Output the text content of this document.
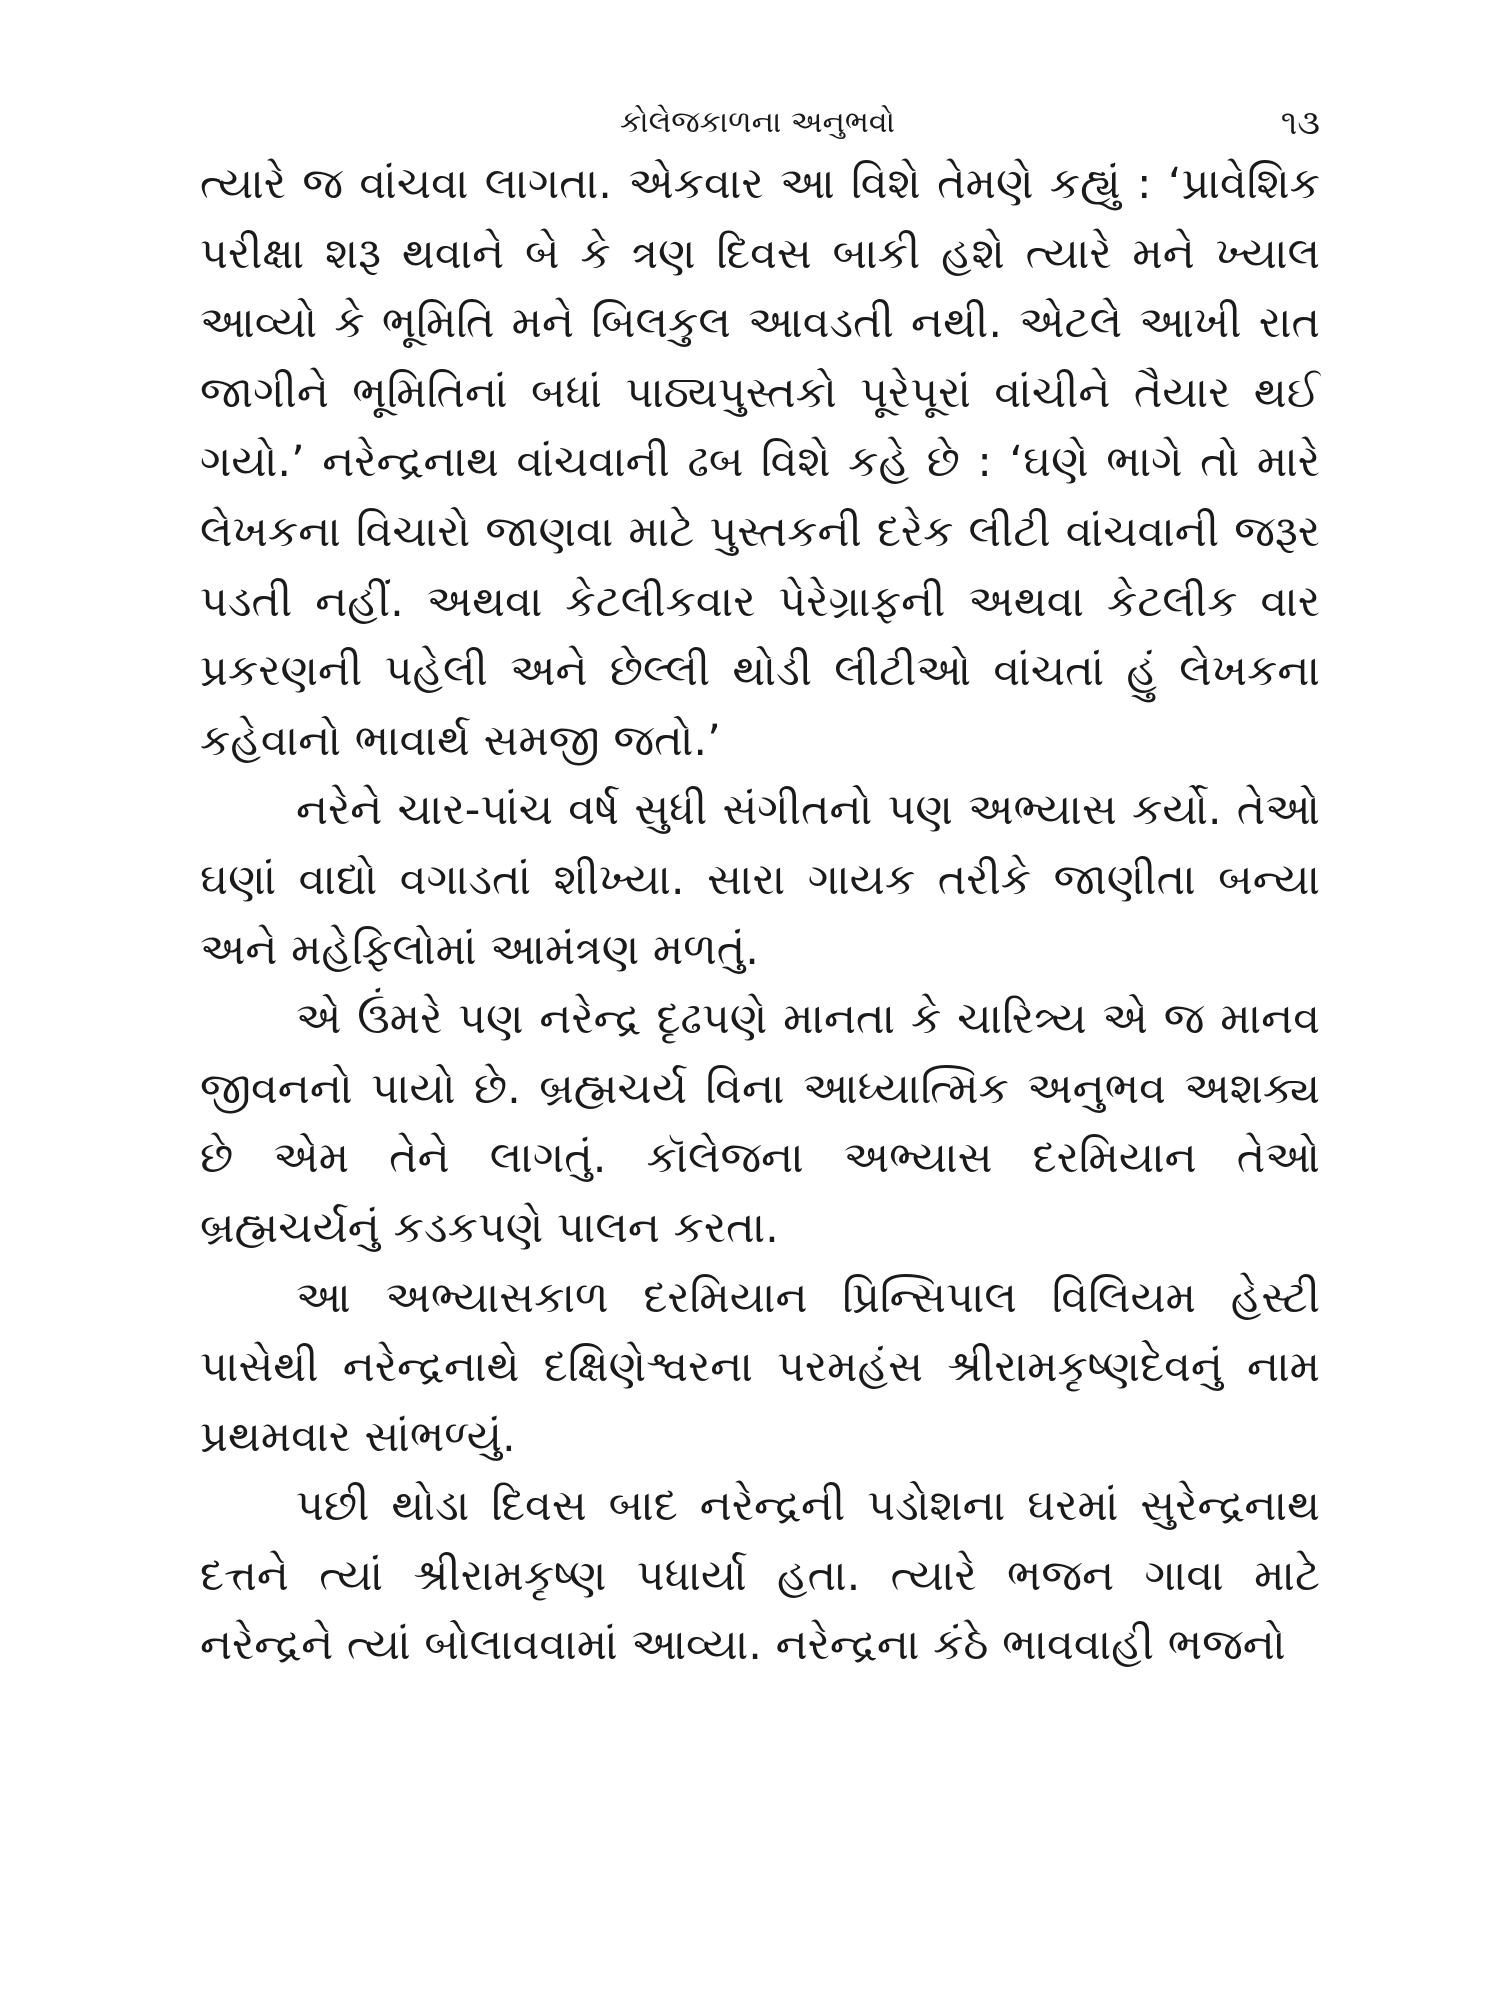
કોલેજકાળના અનુભવો	૧૩

ત્યારે જ વાંચવા લાગતા. એકવાર આ વિશે તેમણે કહ્યું : ‘પ્રાવેશિક પરીક્ષા શરૂ થવાને બે કે ત્રણ દિવસ બાકી હશે ત્યારે મને ખ્યાલ આવ્યો કે ભૂમિતિ મને બિલકુલ આવડતી નથી. એટલે આખી રાત જાગીને ભૂમિતિનાં બધાં પાઠ્યપુસ્તકો પૂરેપૂરાં વાંચીને તૈયાર થઈ ગયો.’ નરેન્દ્રનાથ વાંચવાની ઢબ વિશે કહે છે : ‘ઘણે ભાગે તો મારે લેખકના વિચારો જાણવા માટે પુસ્તકની દરેક લીટી વાંચવાની જરૂર પડતી નહીં. અથવા કેટલીકવાર પેરેગ્રાફની અથવા કેટલીક વાર પ્રકરણની પહેલી અને છેલ્લી થોડી લીટીઓ વાંચતાં હું લેખકના કહેવાનો ભાવાર્થ સમજી જતો.’

નરેને ચાર-પાંચ વર્ષ સુધી સંગીતનો પણ અભ્યાસ કર્યો. તેઓ ઘણાં વાદ્યો વગાડતાં શીખ્યા. સારા ગાયક તરીકે જાણીતા બન્યા અને મહેફિલોમાં આમંત્રણ મળતું.

એ ઉંમરે પણ નરેન્દ્ર દૃઢપણે માનતા કે ચારિત્ર્ય એ જ માનવ જીવનનો પાયો છે. બ્રહ્મચર્ય વિના આધ્યાત્મિક અનુભવ અશક્ય છે એમ તેને લાગતું. કૉલેજના અભ્યાસ દરમિયાન તેઓ બ્રહ્મચર્યનું કડકપણે પાલન કરતા.

આ અભ્યાસકાળ દરમિયાન પ્રિન્સિપાલ વિલિયમ હેસ્ટી પાસેથી નરેન્દ્રનાથે દક્ષિણેશ્વરના પરમહંસ શ્રીરામકૃષ્ણદેવનું નામ પ્રથમવાર સાંભળ્યું.

પછી થોડા દિવસ બાદ નરેન્દ્રની પડોશના ઘરમાં સુરેન્દ્રનાથ દત્તને ત્યાં શ્રીરામકૃષ્ણ પધાર્યા હતા. ત્યારે ભજન ગાવા માટે નરેન્દ્રને ત્યાં બોલાવવામાં આવ્યા. નરેન્દ્રના કંઠે ભાવવાહી ભજનો
